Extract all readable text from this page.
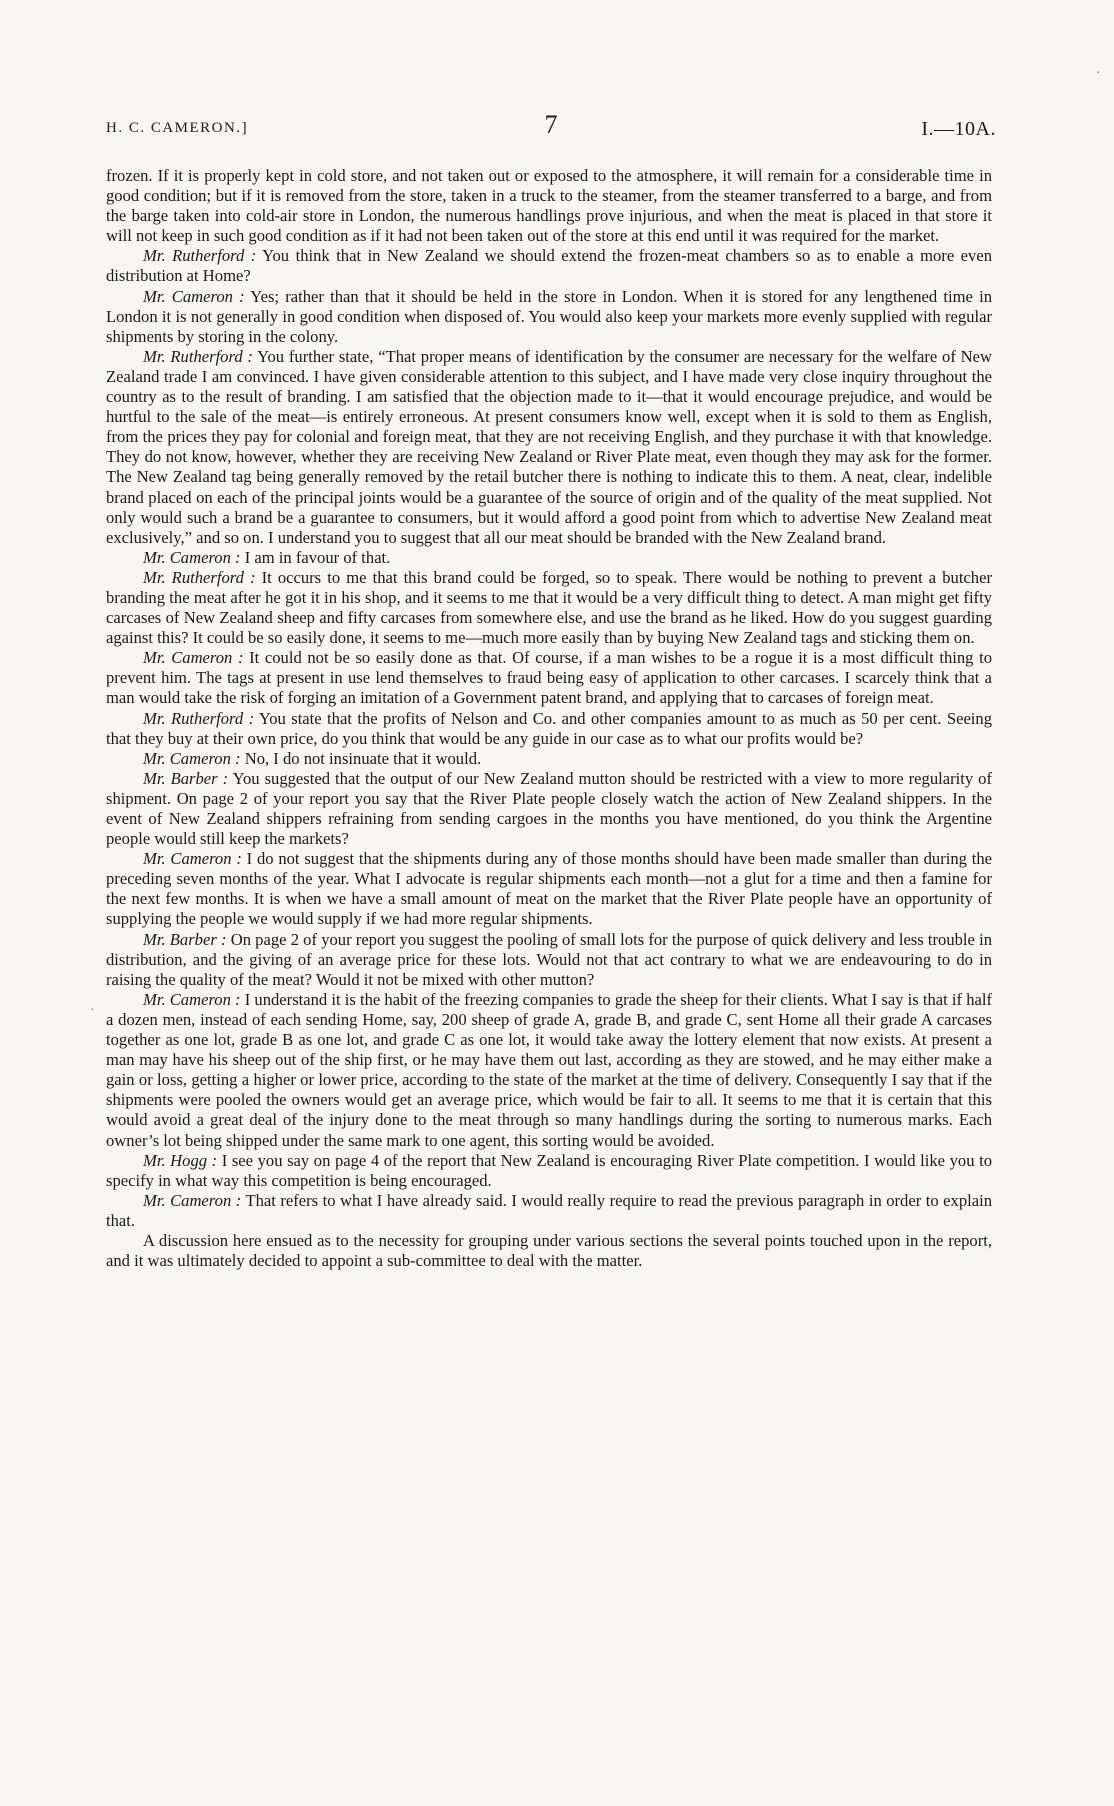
H. C. CAMERON.]	7	I.—10A.

frozen. If it is properly kept in cold store, and not taken out or exposed to the atmosphere, it will remain for a considerable time in good condition; but if it is removed from the store, taken in a truck to the steamer, from the steamer transferred to a barge, and from the barge taken into cold-air store in London, the numerous handlings prove injurious, and when the meat is placed in that store it will not keep in such good condition as if it had not been taken out of the store at this end until it was required for the market.

Mr. Rutherford : You think that in New Zealand we should extend the frozen-meat chambers so as to enable a more even distribution at Home?

Mr. Cameron : Yes; rather than that it should be held in the store in London. When it is stored for any lengthened time in London it is not generally in good condition when disposed of. You would also keep your markets more evenly supplied with regular shipments by storing in the colony.

Mr. Rutherford : You further state, “That proper means of identification by the consumer are necessary for the welfare of New Zealand trade I am convinced. I have given considerable attention to this subject, and I have made very close inquiry throughout the country as to the result of branding. I am satisfied that the objection made to it—that it would encourage prejudice, and would be hurtful to the sale of the meat—is entirely erroneous. At present consumers know well, except when it is sold to them as English, from the prices they pay for colonial and foreign meat, that they are not receiving English, and they purchase it with that knowledge. They do not know, however, whether they are receiving New Zealand or River Plate meat, even though they may ask for the former. The New Zealand tag being generally removed by the retail butcher there is nothing to indicate this to them. A neat, clear, indelible brand placed on each of the principal joints would be a guarantee of the source of origin and of the quality of the meat supplied. Not only would such a brand be a guarantee to consumers, but it would afford a good point from which to advertise New Zealand meat exclusively,” and so on. I understand you to suggest that all our meat should be branded with the New Zealand brand.

Mr. Cameron : I am in favour of that.

Mr. Rutherford : It occurs to me that this brand could be forged, so to speak. There would be nothing to prevent a butcher branding the meat after he got it in his shop, and it seems to me that it would be a very difficult thing to detect. A man might get fifty carcases of New Zealand sheep and fifty carcases from somewhere else, and use the brand as he liked. How do you suggest guarding against this? It could be so easily done, it seems to me—much more easily than by buying New Zealand tags and sticking them on.

Mr. Cameron : It could not be so easily done as that. Of course, if a man wishes to be a rogue it is a most difficult thing to prevent him. The tags at present in use lend themselves to fraud being easy of application to other carcases. I scarcely think that a man would take the risk of forging an imitation of a Government patent brand, and applying that to carcases of foreign meat.

Mr. Rutherford : You state that the profits of Nelson and Co. and other companies amount to as much as 50 per cent. Seeing that they buy at their own price, do you think that would be any guide in our case as to what our profits would be?

Mr. Cameron : No, I do not insinuate that it would.

Mr. Barber : You suggested that the output of our New Zealand mutton should be restricted with a view to more regularity of shipment. On page 2 of your report you say that the River Plate people closely watch the action of New Zealand shippers. In the event of New Zealand shippers refraining from sending cargoes in the months you have mentioned, do you think the Argentine people would still keep the markets?

Mr. Cameron : I do not suggest that the shipments during any of those months should have been made smaller than during the preceding seven months of the year. What I advocate is regular shipments each month—not a glut for a time and then a famine for the next few months. It is when we have a small amount of meat on the market that the River Plate people have an opportunity of supplying the people we would supply if we had more regular shipments.

Mr. Barber : On page 2 of your report you suggest the pooling of small lots for the purpose of quick delivery and less trouble in distribution, and the giving of an average price for these lots. Would not that act contrary to what we are endeavouring to do in raising the quality of the meat? Would it not be mixed with other mutton?

Mr. Cameron : I understand it is the habit of the freezing companies to grade the sheep for their clients. What I say is that if half a dozen men, instead of each sending Home, say, 200 sheep of grade A, grade B, and grade C, sent Home all their grade A carcases together as one lot, grade B as one lot, and grade C as one lot, it would take away the lottery element that now exists. At present a man may have his sheep out of the ship first, or he may have them out last, according as they are stowed, and he may either make a gain or loss, getting a higher or lower price, according to the state of the market at the time of delivery. Consequently I say that if the shipments were pooled the owners would get an average price, which would be fair to all. It seems to me that it is certain that this would avoid a great deal of the injury done to the meat through so many handlings during the sorting to numerous marks. Each owner’s lot being shipped under the same mark to one agent, this sorting would be avoided.

Mr. Hogg : I see you say on page 4 of the report that New Zealand is encouraging River Plate competition. I would like you to specify in what way this competition is being encouraged.

Mr. Cameron : That refers to what I have already said. I would really require to read the previous paragraph in order to explain that.

A discussion here ensued as to the necessity for grouping under various sections the several points touched upon in the report, and it was ultimately decided to appoint a sub-committee to deal with the matter.

·
·
